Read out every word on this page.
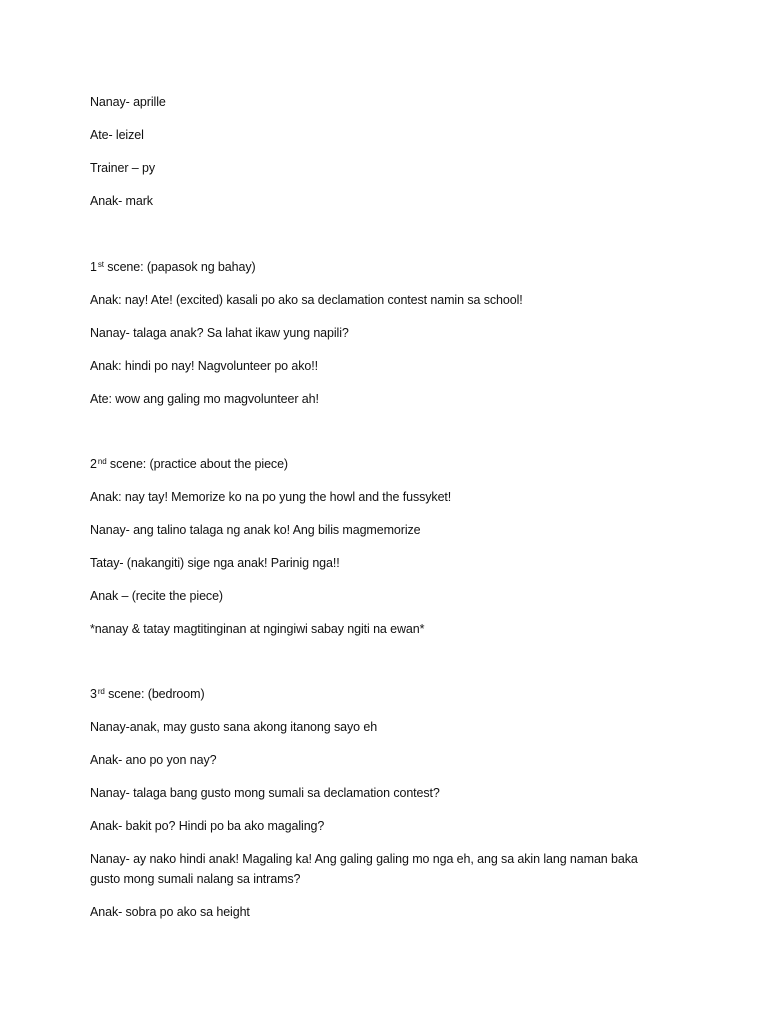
Nanay- aprille
Ate- leizel
Trainer – py
Anak- mark
1st scene: (papasok ng bahay)
Anak: nay! Ate! (excited) kasali po ako sa declamation contest namin sa school!
Nanay- talaga anak? Sa lahat ikaw yung napili?
Anak: hindi po nay! Nagvolunteer po ako!!
Ate: wow ang galing mo magvolunteer ah!
2nd scene: (practice about the piece)
Anak: nay tay! Memorize ko na po yung the howl and the fussyket!
Nanay- ang talino talaga ng anak ko! Ang bilis magmemorize
Tatay- (nakangiti) sige nga anak! Parinig nga!!
Anak – (recite the piece)
*nanay & tatay magtitinginan at ngingiwi sabay ngiti na ewan*
3rd scene: (bedroom)
Nanay-anak, may gusto sana akong itanong sayo eh
Anak- ano po yon nay?
Nanay- talaga bang gusto mong sumali sa declamation contest?
Anak- bakit po? Hindi po ba ako magaling?
Nanay- ay nako hindi anak! Magaling ka! Ang galing galing mo nga eh, ang sa akin lang naman baka gusto mong sumali nalang sa intrams?
Anak- sobra po ako sa height
